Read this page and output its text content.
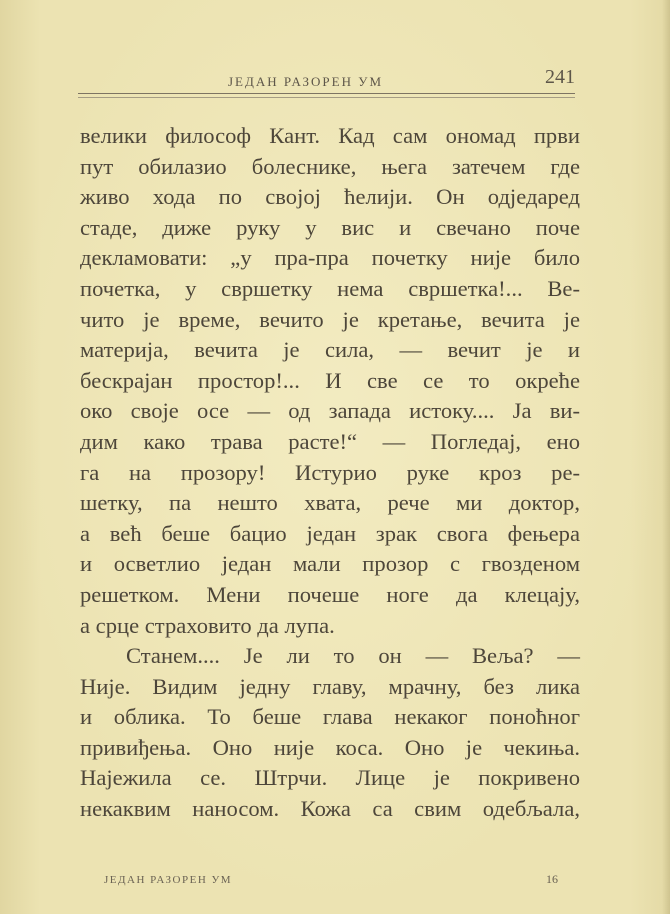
ЈЕДАН РАЗОРЕН УМ	241
велики философ Кант. Кад сам ономад први
пут обилазио болеснике, њега затечем где
живо хода по својој ћелији. Он одједаред
стаде, диже руку у вис и свечано поче
декламовати: „у пра-пра почетку није било
почетка, у свршетку нема свршетка!... Ве-
чито је време, вечито је кретање, вечита је
материја, вечита је сила, — вечит је и
бескрајан простор!... И све се то окреће
око своје осе — од запада истоку.... Ја ви-
дим како трава расте!“ — Погледај, ено
га на прозору! Истурио руке кроз ре-
шетку, па нешто хвата, рече ми доктор,
а већ беше бацио један зрак свога фењера
и осветлио један мали прозор с гвозденом
решетком. Мени почеше ноге да клецају,
а срце страховито да лупа.
Станем.... Је ли то он — Веља? —
Није. Видим једну главу, мрачну, без лика
и облика. То беше глава некаког поноћног
привиђења. Оно није коса. Оно је чекиња.
Најежила се. Штрчи. Лице је покривено
некаквим наносом. Кожа са свим одебљала,
ЈЕДАН РАЗОРЕН УМ	16
